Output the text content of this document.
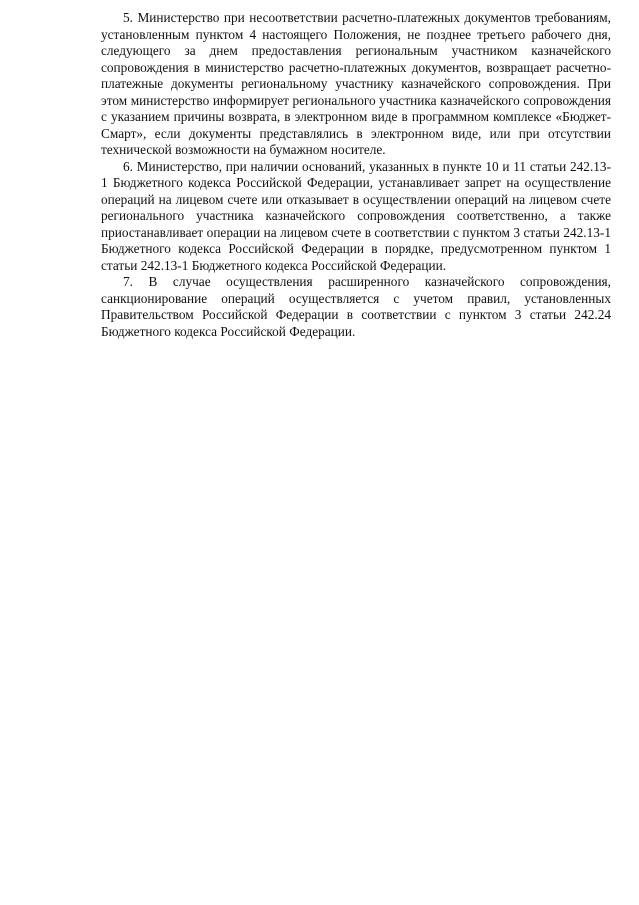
5. Министерство при несоответствии расчетно-платежных документов требованиям, установленным пунктом 4 настоящего Положения, не позднее третьего рабочего дня, следующего за днем предоставления региональным участником казначейского сопровождения в министерство расчетно-платежных документов, возвращает расчетно-платежные документы региональному участнику казначейского сопровождения. При этом министерство информирует регионального участника казначейского сопровождения с указанием причины возврата, в электронном виде в программном комплексе «Бюджет-Смарт», если документы представлялись в электронном виде, или при отсутствии технической возможности на бумажном носителе.

6. Министерство, при наличии оснований, указанных в пункте 10 и 11 статьи 242.13-1 Бюджетного кодекса Российской Федерации, устанавливает запрет на осуществление операций на лицевом счете или отказывает в осуществлении операций на лицевом счете регионального участника казначейского сопровождения соответственно, а также приостанавливает операции на лицевом счете в соответствии с пунктом 3 статьи 242.13-1 Бюджетного кодекса Российской Федерации в порядке, предусмотренном пунктом 1 статьи 242.13-1 Бюджетного кодекса Российской Федерации.

7. В случае осуществления расширенного казначейского сопровождения, санкционирование операций осуществляется с учетом правил, установленных Правительством Российской Федерации в соответствии с пунктом 3 статьи 242.24 Бюджетного кодекса Российской Федерации.
